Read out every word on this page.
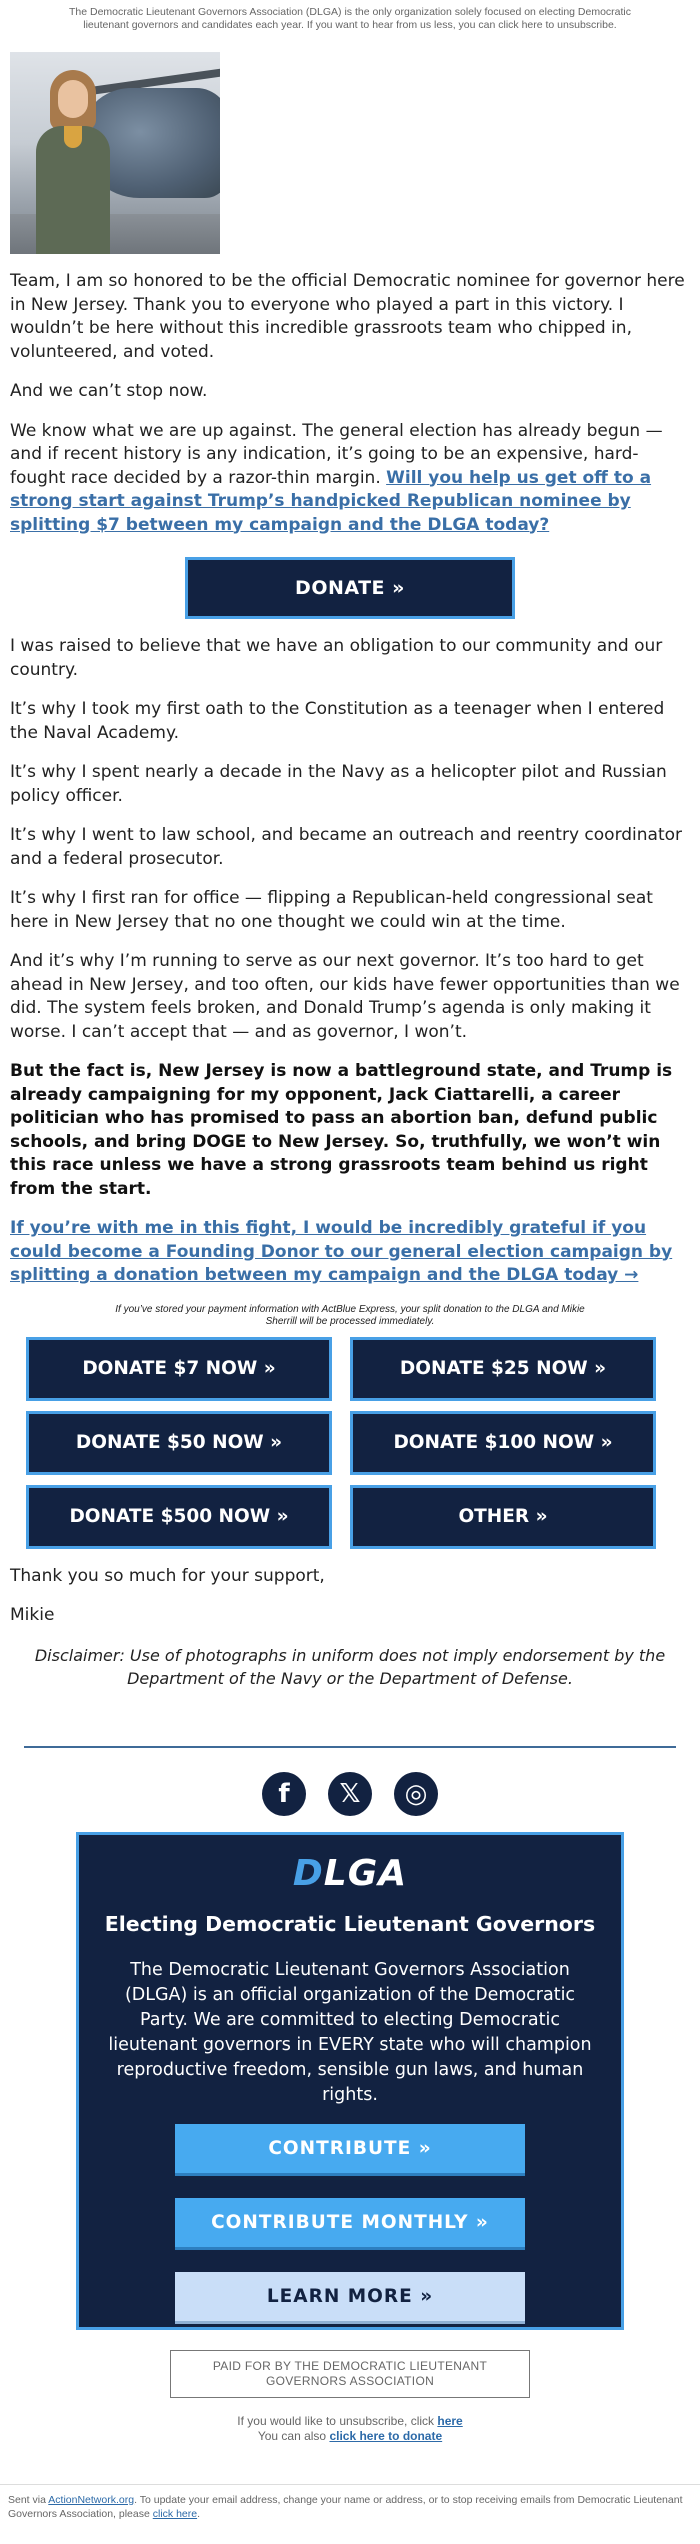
The Democratic Lieutenant Governors Association (DLGA) is the only organization solely focused on electing Democratic lieutenant governors and candidates each year. If you want to hear from us less, you can click here to unsubscribe.

Team, I am so honored to be the official Democratic nominee for governor here in New Jersey. Thank you to everyone who played a part in this victory. I wouldn’t be here without this incredible grassroots team who chipped in, volunteered, and voted.

And we can’t stop now.

We know what we are up against. The general election has already begun — and if recent history is any indication, it’s going to be an expensive, hard-fought race decided by a razor-thin margin. Will you help us get off to a strong start against Trump’s handpicked Republican nominee by splitting $7 between my campaign and the DLGA today?

DONATE »

I was raised to believe that we have an obligation to our community and our country.

It’s why I took my first oath to the Constitution as a teenager when I entered the Naval Academy.

It’s why I spent nearly a decade in the Navy as a helicopter pilot and Russian policy officer.

It’s why I went to law school, and became an outreach and reentry coordinator and a federal prosecutor.

It’s why I first ran for office — flipping a Republican-held congressional seat here in New Jersey that no one thought we could win at the time.

And it’s why I’m running to serve as our next governor. It’s too hard to get ahead in New Jersey, and too often, our kids have fewer opportunities than we did. The system feels broken, and Donald Trump’s agenda is only making it worse. I can’t accept that — and as governor, I won’t.

But the fact is, New Jersey is now a battleground state, and Trump is already campaigning for my opponent, Jack Ciattarelli, a career politician who has promised to pass an abortion ban, defund public schools, and bring DOGE to New Jersey. So, truthfully, we won’t win this race unless we have a strong grassroots team behind us right from the start.

If you’re with me in this fight, I would be incredibly grateful if you could become a Founding Donor to our general election campaign by splitting a donation between my campaign and the DLGA today →

If you’ve stored your payment information with ActBlue Express, your split donation to the DLGA and Mikie Sherrill will be processed immediately.
DONATE $7 NOW »	DONATE $25 NOW »
DONATE $50 NOW »	DONATE $100 NOW »
DONATE $500 NOW »	OTHER »

Thank you so much for your support,

Mikie

Disclaimer: Use of photographs in uniform does not imply endorsement by the Department of the Navy or the Department of Defense.

f	𝕏	◎
DLGA
Electing Democratic Lieutenant Governors
The Democratic Lieutenant Governors Association (DLGA) is an official organization of the Democratic Party. We are committed to electing Democratic lieutenant governors in EVERY state who will champion reproductive freedom, sensible gun laws, and human rights.
CONTRIBUTE »
CONTRIBUTE MONTHLY »
LEARN MORE »
PAID FOR BY THE DEMOCRATIC LIEUTENANT GOVERNORS ASSOCIATION
If you would like to unsubscribe, click here
You can also click here to donate
Sent via ActionNetwork.org. To update your email address, change your name or address, or to stop receiving emails from Democratic Lieutenant Governors Association, please click here.
